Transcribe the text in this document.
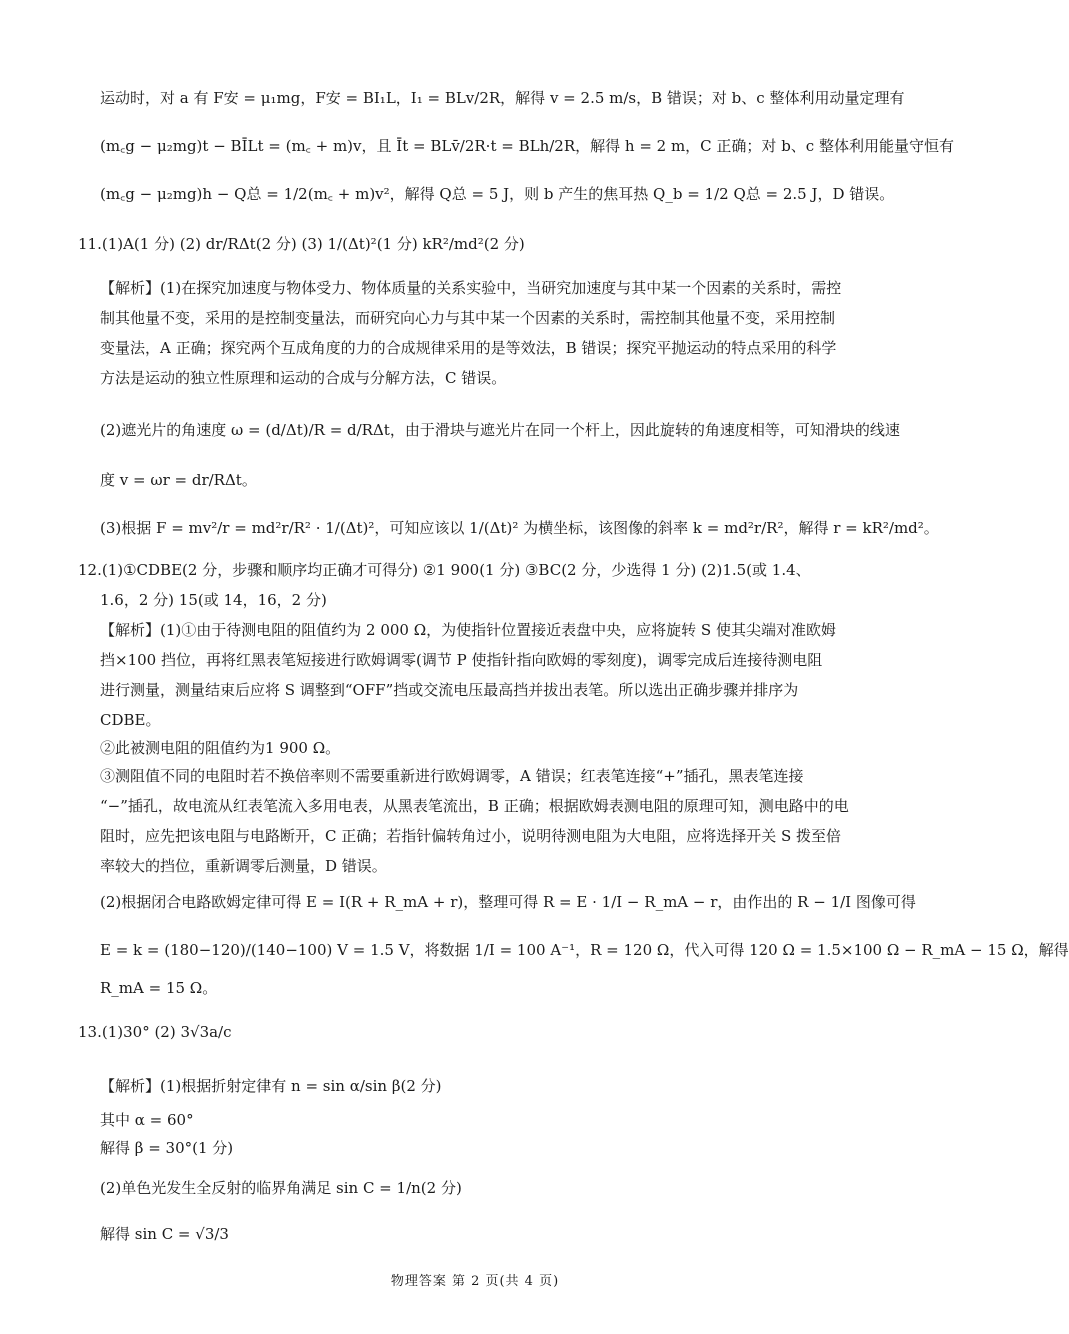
运动时，对 a 有 F安 = μ₁mg，F安 = BI₁L，I₁ = BLv/2R，解得 v = 2.5 m/s，B 错误；对 b、c 整体利用动量定理有
(m꜀g − μ₂mg)t − BĪLt = (m꜀ + m)v，且 Īt = BLv̄/2R·t = BLh/2R，解得 h = 2 m，C 正确；对 b、c 整体利用能量守恒有
(m꜀g − μ₂mg)h − Q总 = 1/2(m꜀ + m)v²，解得 Q总 = 5 J，则 b 产生的焦耳热 Q_b = 1/2 Q总 = 2.5 J，D 错误。
11.(1)A(1 分) (2) dr/RΔt(2 分) (3) 1/(Δt)²(1 分) kR²/md²(2 分)
【解析】(1)在探究加速度与物体受力、物体质量的关系实验中，当研究加速度与其中某一个因素的关系时，需控
制其他量不变，采用的是控制变量法，而研究向心力与其中某一个因素的关系时，需控制其他量不变，采用控制
变量法，A 正确；探究两个互成角度的力的合成规律采用的是等效法，B 错误；探究平抛运动的特点采用的科学
方法是运动的独立性原理和运动的合成与分解方法，C 错误。
(2)遮光片的角速度 ω = (d/Δt)/R = d/RΔt，由于滑块与遮光片在同一个杆上，因此旋转的角速度相等，可知滑块的线速
度 v = ωr = dr/RΔt。
(3)根据 F = mv²/r = md²r/R² · 1/(Δt)²，可知应该以 1/(Δt)² 为横坐标，该图像的斜率 k = md²r/R²，解得 r = kR²/md²。
12.(1)①CDBE(2 分，步骤和顺序均正确才可得分) ②1 900(1 分) ③BC(2 分，少选得 1 分) (2)1.5(或 1.4、
1.6，2 分) 15(或 14，16，2 分)
【解析】(1)①由于待测电阻的阻值约为 2 000 Ω，为使指针位置接近表盘中央，应将旋转 S 使其尖端对准欧姆
挡×100 挡位，再将红黑表笔短接进行欧姆调零(调节 P 使指针指向欧姆的零刻度)，调零完成后连接待测电阻
进行测量，测量结束后应将 S 调整到“OFF”挡或交流电压最高挡并拔出表笔。所以选出正确步骤并排序为
CDBE。
②此被测电阻的阻值约为1 900 Ω。
③测阻值不同的电阻时若不换倍率则不需要重新进行欧姆调零，A 错误；红表笔连接“+”插孔，黑表笔连接
“−”插孔，故电流从红表笔流入多用电表，从黑表笔流出，B 正确；根据欧姆表测电阻的原理可知，测电路中的电
阻时，应先把该电阻与电路断开，C 正确；若指针偏转角过小，说明待测电阻为大电阻，应将选择开关 S 拨至倍
率较大的挡位，重新调零后测量，D 错误。
(2)根据闭合电路欧姆定律可得 E = I(R + R_mA + r)，整理可得 R = E · 1/I − R_mA − r，由作出的 R − 1/I 图像可得
E = k = (180−120)/(140−100) V = 1.5 V，将数据 1/I = 100 A⁻¹，R = 120 Ω，代入可得 120 Ω = 1.5×100 Ω − R_mA − 15 Ω，解得
R_mA = 15 Ω。
13.(1)30° (2) 3√3a/c
【解析】(1)根据折射定律有 n = sin α/sin β(2 分)
其中 α = 60°
解得 β = 30°(1 分)
(2)单色光发生全反射的临界角满足 sin C = 1/n(2 分)
解得 sin C = √3/3
物理答案 第 2 页(共 4 页)
